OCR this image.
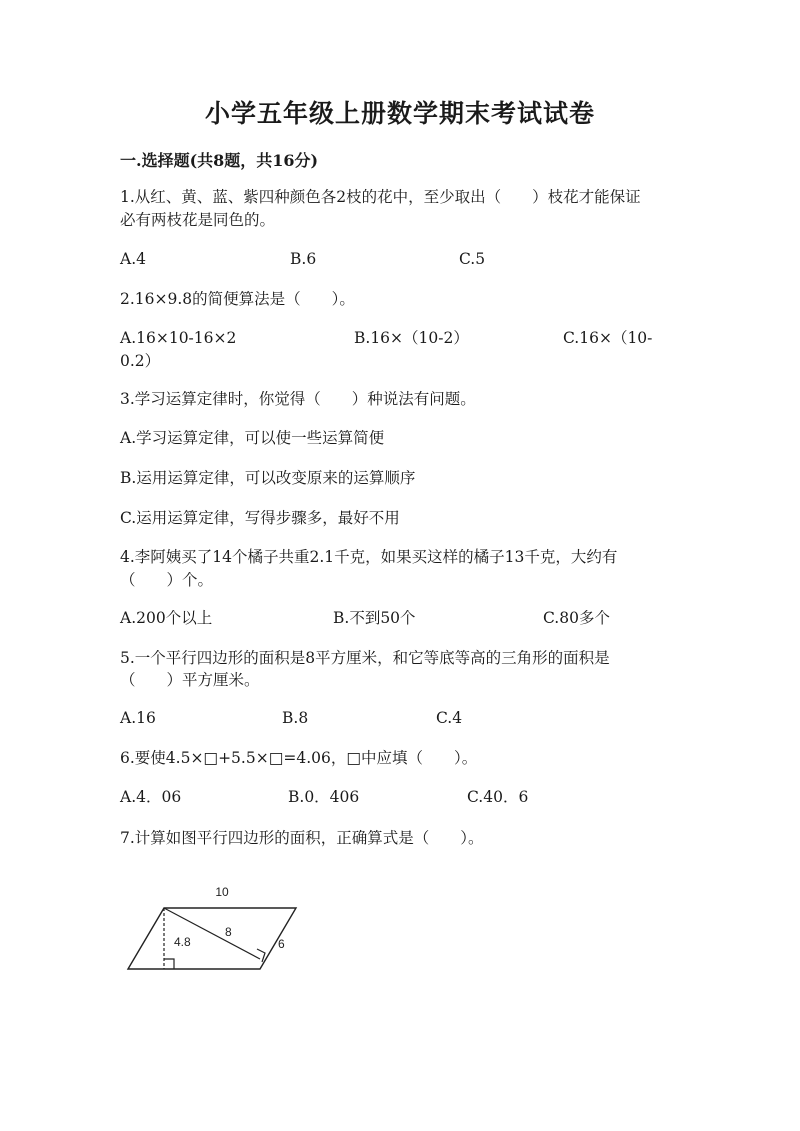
小学五年级上册数学期末考试试卷
一.选择题(共8题，共16分)

1.从红、黄、蓝、紫四种颜色各2枝的花中，至少取出（　　）枝花才能保证

必有两枝花是同色的。

A.4	B.6	C.5

2.16×9.8的简便算法是（　　）。

A.16×10-16×2	B.16×（10-2）	C.16×（10-

0.2）

3.学习运算定律时，你觉得（　　）种说法有问题。

A.学习运算定律，可以使一些运算简便

B.运用运算定律，可以改变原来的运算顺序

C.运用运算定律，写得步骤多，最好不用

4.李阿姨买了14个橘子共重2.1千克，如果买这样的橘子13千克，大约有

（　　）个。

A.200个以上	B.不到50个	C.80多个

5.一个平行四边形的面积是8平方厘米，和它等底等高的三角形的面积是

（　　）平方厘米。

A.16	B.8	C.4

6.要使4.5×□+5.5×□=4.06，□中应填（　　）。

A.4．06	B.0．406	C.40．6

7.计算如图平行四边形的面积，正确算式是（　　）。

10
4.8
8
6
